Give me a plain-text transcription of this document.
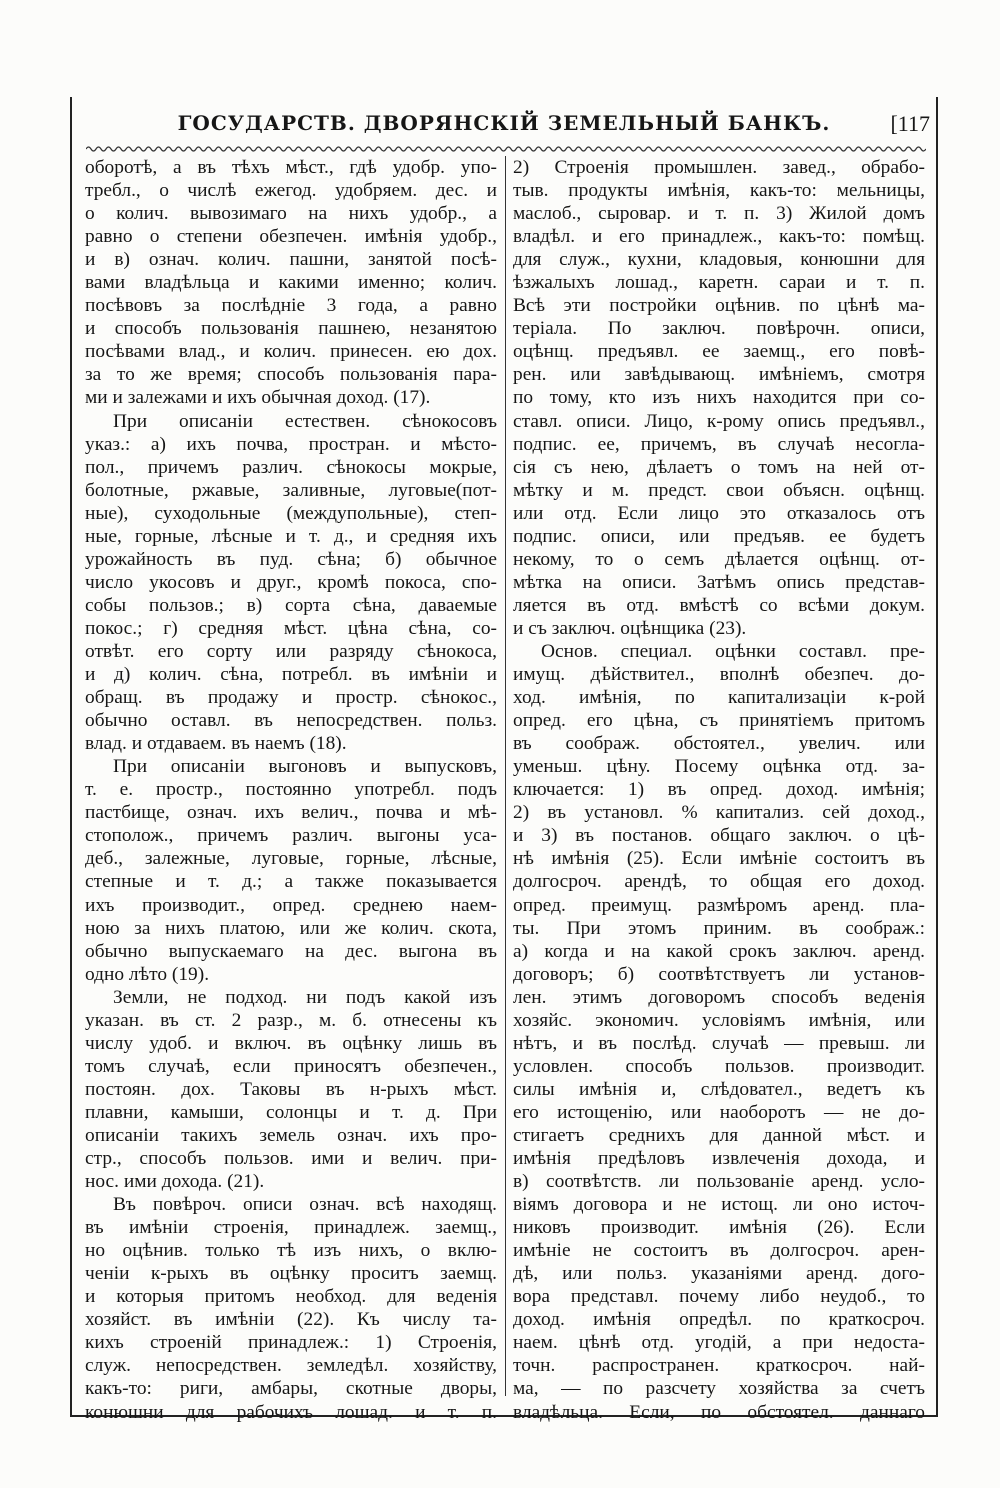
ГОСУДАРСТВ. ДВОРЯНСКІЙ ЗЕМЕЛЬНЫЙ БАНКЪ.	[117
оборотѣ, а въ тѣхъ мѣст., гдѣ удобр. упо-
требл., о числѣ ежегод. удобряем. дес. и
о колич. вывозимаго на нихъ удобр., а
равно о степени обезпечен. имѣнія удобр.,
и в) означ. колич. пашни, занятой посѣ-
вами владѣльца и какими именно; колич.
посѣвовъ за послѣдніе 3 года, а равно
и способъ пользованія пашнею, незанятою
посѣвами влад., и колич. принесен. ею дох.
за то же время; способъ пользованія пара-
ми и залежами и ихъ обычная доход. (17).
При описаніи естествен. сѣнокосовъ
указ.: а) ихъ почва, простран. и мѣсто-
пол., причемъ различ. сѣнокосы мокрые,
болотные, ржавые, заливные, луговые(пот-
ные), суходольные (междупольные), степ-
ные, горные, лѣсные и т. д., и средняя ихъ
урожайность въ пуд. сѣна; б) обычное
число укосовъ и друг., кромѣ покоса, спо-
собы пользов.; в) сорта сѣна, даваемые
покос.; г) средняя мѣст. цѣна сѣна, со-
отвѣт. его сорту или разряду сѣнокоса,
и д) колич. сѣна, потребл. въ имѣніи и
обращ. въ продажу и простр. сѣнокос.,
обычно оставл. въ непосредствен. польз.
влад. и отдаваем. въ наемъ (18).
При описаніи выгоновъ и выпусковъ,
т. е. простр., постоянно употребл. подъ
пастбище, означ. ихъ велич., почва и мѣ-
стополож., причемъ различ. выгоны уса-
деб., залежные, луговые, горные, лѣсные,
степные и т. д.; а также показывается
ихъ производит., опред. среднею наем-
ною за нихъ платою, или же колич. скота,
обычно выпускаемаго на дес. выгона въ
одно лѣто (19).
Земли, не подход. ни подъ какой изъ
указан. въ ст. 2 разр., м. б. отнесены къ
числу удоб. и включ. въ оцѣнку лишь въ
томъ случаѣ, если приносятъ обезпечен.,
постоян. дох. Таковы въ н-рыхъ мѣст.
плавни, камыши, солонцы и т. д. При
описаніи такихъ земель означ. ихъ про-
стр., способъ пользов. ими и велич. при-
нос. ими дохода. (21).
Въ повѣроч. описи означ. всѣ находящ.
въ имѣніи строенія, принадлеж. заемщ.,
но оцѣнив. только тѣ изъ нихъ, о вклю-
ченіи к-рыхъ въ оцѣнку проситъ заемщ.
и которыя притомъ необход. для веденія
хозяйст. въ имѣніи (22). Къ числу та-
кихъ строеній принадлеж.: 1) Строенія,
служ. непосредствен. земледѣл. хозяйству,
какъ-то: риги, амбары, скотные дворы,
конюшни для рабочихъ лошад. и т. п.
2) Строенія промышлен. завед., обрабо-
тыв. продукты имѣнія, какъ-то: мельницы,
маслоб., сыровар. и т. п. 3) Жилой домъ
владѣл. и его принадлеж., какъ-то: помѣщ.
для служ., кухни, кладовыя, конюшни для
ѣзжалыхъ лошад., каретн. сараи и т. п.
Всѣ эти постройки оцѣнив. по цѣнѣ ма-
теріала. По заключ. повѣрочн. описи,
оцѣнщ. предъявл. ее заемщ., его повѣ-
рен. или завѣдывающ. имѣніемъ, смотря
по тому, кто изъ нихъ находится при со-
ставл. описи. Лицо, к-рому опись предъявл.,
подпис. ее, причемъ, въ случаѣ несогла-
сія съ нею, дѣлаетъ о томъ на ней от-
мѣтку и м. предст. свои объясн. оцѣнщ.
или отд. Если лицо это отказалось отъ
подпис. описи, или предъяв. ее будетъ
некому, то о семъ дѣлается оцѣнщ. от-
мѣтка на описи. Затѣмъ опись представ-
ляется въ отд. вмѣстѣ со всѣми докум.
и съ заключ. оцѣнщика (23).
Основ. специал. оцѣнки составл. пре-
имущ. дѣйствител., вполнѣ обезпеч. до-
ход. имѣнія, по капитализаціи к-рой
опред. его цѣна, съ принятіемъ притомъ
въ соображ. обстоятел., увелич. или
уменьш. цѣну. Посему оцѣнка отд. за-
ключается: 1) въ опред. доход. имѣнія;
2) въ установл. % капитализ. сей доход.,
и 3) въ постанов. общаго заключ. о цѣ-
нѣ имѣнія (25). Если имѣніе состоитъ въ
долгосроч. арендѣ, то общая его доход.
опред. преимущ. размѣромъ аренд. пла-
ты. При этомъ приним. въ соображ.:
а) когда и на какой срокъ заключ. аренд.
договоръ; б) соотвѣтствуетъ ли установ-
лен. этимъ договоромъ способъ веденія
хозяйс. экономич. условіямъ имѣнія, или
нѣтъ, и въ послѣд. случаѣ — превыш. ли
условлен. способъ пользов. производит.
силы имѣнія и, слѣдовател., ведетъ къ
его истощенію, или наоборотъ — не до-
стигаетъ среднихъ для данной мѣст. и
имѣнія предѣловъ извлеченія дохода, и
в) соотвѣтств. ли пользованіе аренд. усло-
віямъ договора и не истощ. ли оно источ-
никовъ производит. имѣнія (26). Если
имѣніе не состоитъ въ долгосроч. арен-
дѣ, или польз. указаніями аренд. дого-
вора представл. почему либо неудоб., то
доход. имѣнія опредѣл. по краткосроч.
наем. цѣнѣ отд. угодій, а при недоста-
точн. распространен. краткосроч. най-
ма, — по разсчету хозяйства за счетъ
владѣльца. Если, по обстоятел. даннаго
